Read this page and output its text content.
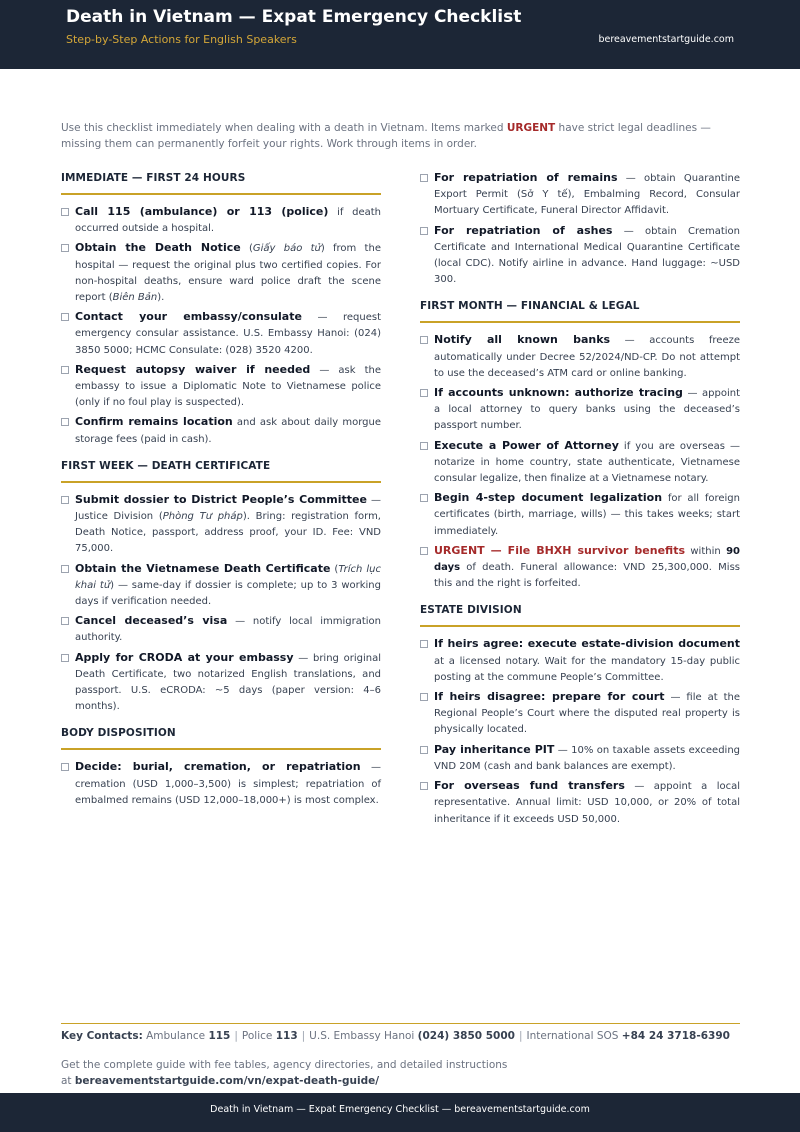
Death in Vietnam — Expat Emergency Checklist
Step-by-Step Actions for English Speakers	bereavementstartguide.com
Use this checklist immediately when dealing with a death in Vietnam. Items marked URGENT have strict legal deadlines — missing them can permanently forfeit your rights. Work through items in order.
IMMEDIATE — FIRST 24 HOURS
Call 115 (ambulance) or 113 (police) if death occurred outside a hospital.
Obtain the Death Notice (Giấy báo tử) from the hospital — request the original plus two certified copies. For non-hospital deaths, ensure ward police draft the scene report (Biên Bản).
Contact your embassy/consulate — request emergency consular assistance. U.S. Embassy Hanoi: (024) 3850 5000; HCMC Consulate: (028) 3520 4200.
Request autopsy waiver if needed — ask the embassy to issue a Diplomatic Note to Vietnamese police (only if no foul play is suspected).
Confirm remains location and ask about daily morgue storage fees (paid in cash).
FIRST WEEK — DEATH CERTIFICATE
Submit dossier to District People’s Committee — Justice Division (Phòng Tư pháp). Bring: registration form, Death Notice, passport, address proof, your ID. Fee: VND 75,000.
Obtain the Vietnamese Death Certificate (Trích lục khai tử) — same-day if dossier is complete; up to 3 working days if verification needed.
Cancel deceased’s visa — notify local immigration authority.
Apply for CRODA at your embassy — bring original Death Certificate, two notarized English translations, and passport. U.S. eCRODA: ~5 days (paper version: 4–6 months).
BODY DISPOSITION
Decide: burial, cremation, or repatriation — cremation (USD 1,000–3,500) is simplest; repatriation of embalmed remains (USD 12,000–18,000+) is most complex.
For repatriation of remains — obtain Quarantine Export Permit (Sở Y tế), Embalming Record, Consular Mortuary Certificate, Funeral Director Affidavit.
For repatriation of ashes — obtain Cremation Certificate and International Medical Quarantine Certificate (local CDC). Notify airline in advance. Hand luggage: ~USD 300.
FIRST MONTH — FINANCIAL & LEGAL
Notify all known banks — accounts freeze automatically under Decree 52/2024/ND-CP. Do not attempt to use the deceased’s ATM card or online banking.
If accounts unknown: authorize tracing — appoint a local attorney to query banks using the deceased’s passport number.
Execute a Power of Attorney if you are overseas — notarize in home country, state authenticate, Vietnamese consular legalize, then finalize at a Vietnamese notary.
Begin 4-step document legalization for all foreign certificates (birth, marriage, wills) — this takes weeks; start immediately.
URGENT — File BHXH survivor benefits within 90 days of death. Funeral allowance: VND 25,300,000. Miss this and the right is forfeited.
ESTATE DIVISION
If heirs agree: execute estate-division document at a licensed notary. Wait for the mandatory 15-day public posting at the commune People’s Committee.
If heirs disagree: prepare for court — file at the Regional People’s Court where the disputed real property is physically located.
Pay inheritance PIT — 10% on taxable assets exceeding VND 20M (cash and bank balances are exempt).
For overseas fund transfers — appoint a local representative. Annual limit: USD 10,000, or 20% of total inheritance if it exceeds USD 50,000.
Key Contacts: Ambulance 115 | Police 113 | U.S. Embassy Hanoi (024) 3850 5000 | International SOS +84 24 3718-6390
Get the complete guide with fee tables, agency directories, and detailed instructions
at bereavementstartguide.com/vn/expat-death-guide/
Death in Vietnam — Expat Emergency Checklist — bereavementstartguide.com
